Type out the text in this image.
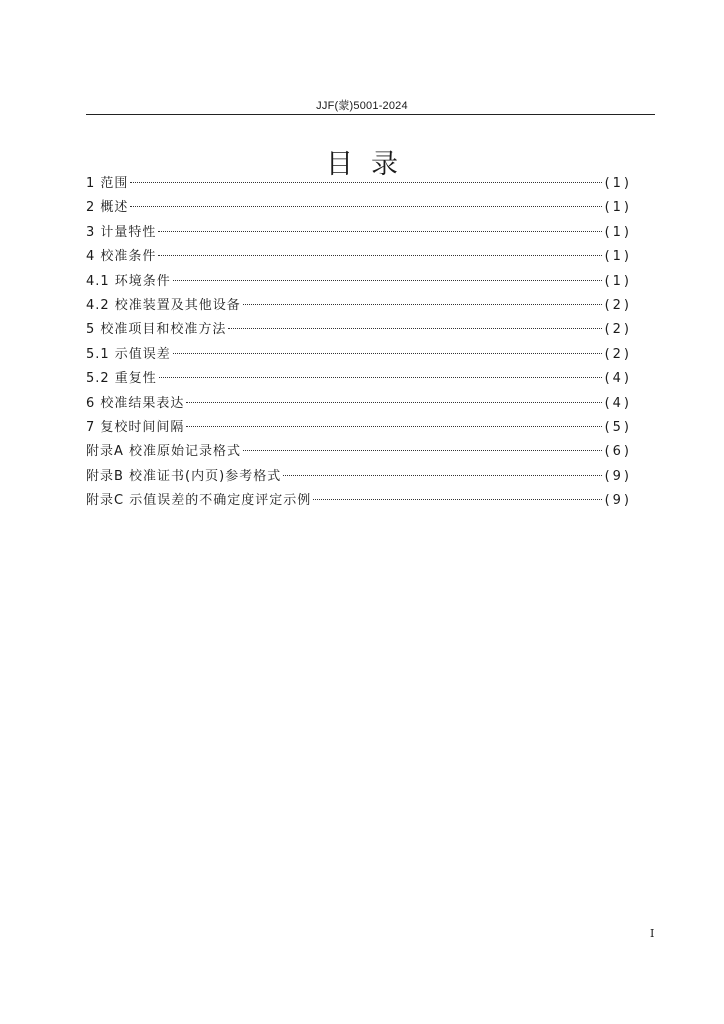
JJF(蒙)5001-2024
目录
1 范围	(1)
2 概述	(1)
3 计量特性	(1)
4 校准条件	(1)
4.1 环境条件	(1)
4.2 校准装置及其他设备	(2)
5 校准项目和校准方法	(2)
5.1 示值误差	(2)
5.2 重复性	(4)
6 校准结果表达	(4)
7 复校时间间隔	(5)
附录A 校准原始记录格式	(6)
附录B 校准证书(内页)参考格式	(9)
附录C 示值误差的不确定度评定示例	(9)
I
